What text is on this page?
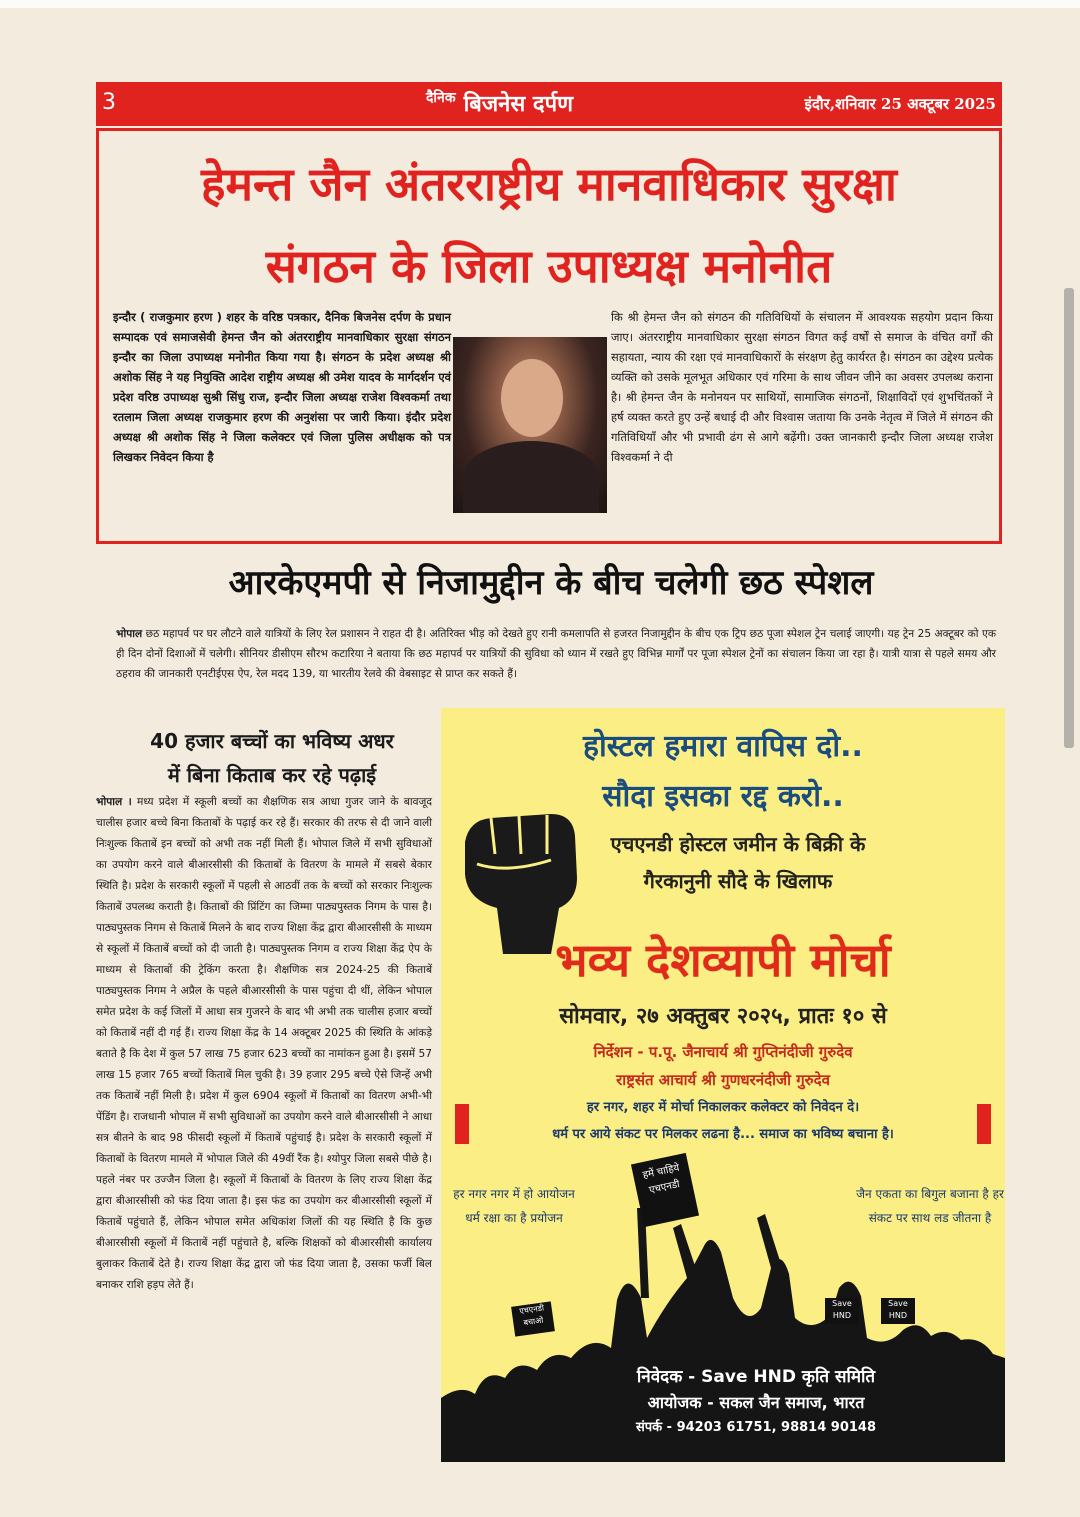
3	$^{दैनिक}$ बिजनेस दर्पण	इंदौर,शनिवार 25 अक्टूबर 2025
हेमन्त जैन अंतरराष्ट्रीय मानवाधिकार सुरक्षा
संगठन के जिला उपाध्यक्ष मनोनीत
इन्दौर ( राजकुमार हरण ) शहर के वरिष्ठ पत्रकार, दैनिक बिजनेस दर्पण के प्रधान सम्पादक एवं समाजसेवी हेमन्त जैन को अंतरराष्ट्रीय मानवाधिकार सुरक्षा संगठन इन्दौर का जिला उपाध्यक्ष मनोनीत किया गया है। संगठन के प्रदेश अध्यक्ष श्री अशोक सिंह ने यह नियुक्ति आदेश राष्ट्रीय अध्यक्ष श्री उमेश यादव के मार्गदर्शन एवं प्रदेश वरिष्ठ उपाध्यक्ष सुश्री सिंधु राज, इन्दौर जिला अध्यक्ष राजेश विश्वकर्मा तथा रतलाम जिला अध्यक्ष राजकुमार हरण की अनुशंसा पर जारी किया। इंदौर प्रदेश अध्यक्ष श्री अशोक सिंह ने जिला कलेक्टर एवं जिला पुलिस अधीक्षक को पत्र लिखकर निवेदन किया है
कि श्री हेमन्त जैन को संगठन की गतिविधियों के संचालन में आवश्यक सहयोग प्रदान किया जाए। अंतरराष्ट्रीय मानवाधिकार सुरक्षा संगठन विगत कई वर्षों से समाज के वंचित वर्गों की सहायता, न्याय की रक्षा एवं मानवाधिकारों के संरक्षण हेतु कार्यरत है। संगठन का उद्देश्य प्रत्येक व्यक्ति को उसके मूलभूत अधिकार एवं गरिमा के साथ जीवन जीने का अवसर उपलब्ध कराना है। श्री हेमन्त जैन के मनोनयन पर साथियों, सामाजिक संगठनों, शिक्षाविदों एवं शुभचिंतकों ने हर्ष व्यक्त करते हुए उन्हें बधाई दी और विश्वास जताया कि उनके नेतृत्व में जिले में संगठन की गतिविधियाँ और भी प्रभावी ढंग से आगे बढ़ेंगी। उक्त जानकारी इन्दौर जिला अध्यक्ष राजेश विश्वकर्मा ने दी
आरकेएमपी से निजामुद्दीन के बीच चलेगी छठ स्पेशल
भोपाल छठ महापर्व पर घर लौटने वाले यात्रियों के लिए रेल प्रशासन ने राहत दी है। अतिरिक्त भीड़ को देखते हुए रानी कमलापति से हजरत निजामुद्दीन के बीच एक ट्रिप छठ पूजा स्पेशल ट्रेन चलाई जाएगी। यह ट्रेन 25 अक्टूबर को एक ही दिन दोनों दिशाओं में चलेगी। सीनियर डीसीएम सौरभ कटारिया ने बताया कि छठ महापर्व पर यात्रियों की सुविधा को ध्यान में रखते हुए विभिन्न मार्गों पर पूजा स्पेशल ट्रेनों का संचालन किया जा रहा है। यात्री यात्रा से पहले समय और ठहराव की जानकारी एनटीईएस ऐप, रेल मदद 139, या भारतीय रेलवे की वेबसाइट से प्राप्त कर सकते हैं।
40 हजार बच्चों का भविष्य अधर
में बिना किताब कर रहे पढ़ाई
भोपाल । मध्य प्रदेश में स्कूली बच्चों का शैक्षणिक सत्र आधा गुजर जाने के बावजूद चालीस हजार बच्चे बिना किताबों के पढ़ाई कर रहे हैं। सरकार की तरफ से दी जाने वाली निःशुल्क किताबें इन बच्चों को अभी तक नहीं मिली हैं। भोपाल जिले में सभी सुविधाओं का उपयोग करने वाले बीआरसीसी की किताबों के वितरण के मामले में सबसे बेकार स्थिति है। प्रदेश के सरकारी स्कूलों में पहली से आठवीं तक के बच्चों को सरकार निःशुल्क किताबें उपलब्ध कराती है। किताबों की प्रिंटिंग का जिम्मा पाठ्यपुस्तक निगम के पास है। पाठ्यपुस्तक निगम से किताबें मिलने के बाद राज्य शिक्षा केंद्र द्वारा बीआरसीसी के माध्यम से स्कूलों में किताबें बच्चों को दी जाती है। पाठ्यपुस्तक निगम व राज्य शिक्षा केंद्र ऐप के माध्यम से किताबों की ट्रेकिंग करता है। शैक्षणिक सत्र 2024-25 की किताबें पाठ्यपुस्तक निगम ने अप्रैल के पहले बीआरसीसी के पास पहुंचा दी थीं, लेकिन भोपाल समेत प्रदेश के कई जिलों में आधा सत्र गुजरने के बाद भी अभी तक चालीस हजार बच्चों को किताबें नहीं दी गई हैं। राज्य शिक्षा केंद्र के 14 अक्टूबर 2025 की स्थिति के आंकड़े बताते है कि देश में कुल 57 लाख 75 हजार 623 बच्चों का नामांकन हुआ है। इसमें 57 लाख 15 हजार 765 बच्चों किताबें मिल चुकी है। 39 हजार 295 बच्चे ऐसे जिन्हें अभी तक किताबें नहीं मिली है। प्रदेश में कुल 6904 स्कूलों में किताबों का वितरण अभी-भी पेंडिंग है। राजधानी भोपाल में सभी सुविधाओं का उपयोग करने वाले बीआरसीसी ने आधा सत्र बीतने के बाद 98 फीसदी स्कूलों में किताबें पहुंचाई है। प्रदेश के सरकारी स्कूलों में किताबों के वितरण मामले में भोपाल जिले की 49वीं रैंक है। श्योपुर जिला सबसे पीछे है। पहले नंबर पर उज्जैन जिला है। स्कूलों में किताबों के वितरण के लिए राज्य शिक्षा केंद्र द्वारा बीआरसीसी को फंड दिया जाता है। इस फंड का उपयोग कर बीआरसीसी स्कूलों में किताबें पहुंचाते हैं, लेकिन भोपाल समेत अधिकांश जिलों की यह स्थिति है कि कुछ बीआरसीसी स्कूलों में किताबें नहीं पहुंचाते है, बल्कि शिक्षकों को बीआरसीसी कार्यालय बुलाकर किताबें देते है। राज्य शिक्षा केंद्र द्वारा जो फंड दिया जाता है, उसका फर्जी बिल बनाकर राशि हड़प लेते हैं।
होस्टल हमारा वापिस दो..
सौदा इसका रद्द करो..
एचएनडी होस्टल जमीन के बिक्री के
गैरकानुनी सौदे के खिलाफ
भव्य देशव्यापी मोर्चा
सोमवार, २७ अक्तुबर २०२५, प्रातः १० से
निर्देशन - प.पू. जैनाचार्य श्री गुप्तिनंदीजी गुरुदेव
राष्ट्रसंत आचार्य श्री गुणधरनंदीजी गुरुदेव
हर नगर, शहर में मोर्चा निकालकर कलेक्टर को निवेदन दे।
धर्म पर आये संकट पर मिलकर लढना है... समाज का भविष्य बचाना है।
हर नगर नगर में हो आयोजन धर्म रक्षा का है प्रयोजन
जैन एकता का बिगुल बजाना है हर संकट पर साथ लड जीतना है
हमें चाहिये एचएनडी
Save HND
Save HND
एचएनडी बचाओ
निवेदक - Save HND कृति समिति
आयोजक - सकल जैन समाज, भारत
संपर्क - 94203 61751, 98814 90148
